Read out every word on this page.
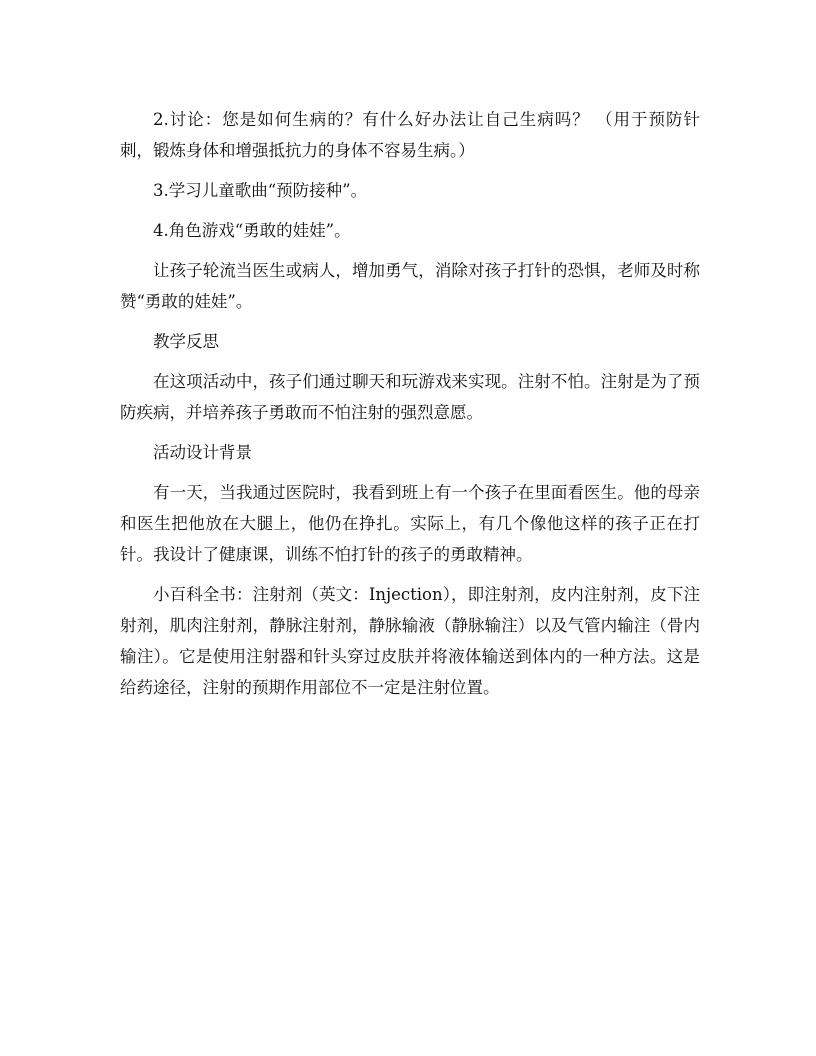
2.讨论：您是如何生病的？有什么好办法让自己生病吗？ （用于预防针刺，锻炼身体和增强抵抗力的身体不容易生病。）

3.学习儿童歌曲“预防接种”。

4.角色游戏“勇敢的娃娃”。

让孩子轮流当医生或病人，增加勇气，消除对孩子打针的恐惧，老师及时称赞“勇敢的娃娃”。

教学反思

在这项活动中，孩子们通过聊天和玩游戏来实现。注射不怕。注射是为了预防疾病，并培养孩子勇敢而不怕注射的强烈意愿。

活动设计背景

有一天，当我通过医院时，我看到班上有一个孩子在里面看医生。他的母亲和医生把他放在大腿上，他仍在挣扎。实际上，有几个像他这样的孩子正在打针。我设计了健康课，训练不怕打针的孩子的勇敢精神。

小百科全书：注射剂（英文：Injection），即注射剂，皮内注射剂，皮下注射剂，肌肉注射剂，静脉注射剂，静脉输液（静脉输注）以及气管内输注（骨内输注）。它是使用注射器和针头穿过皮肤并将液体输送到体内的一种方法。这是给药途径，注射的预期作用部位不一定是注射位置。
